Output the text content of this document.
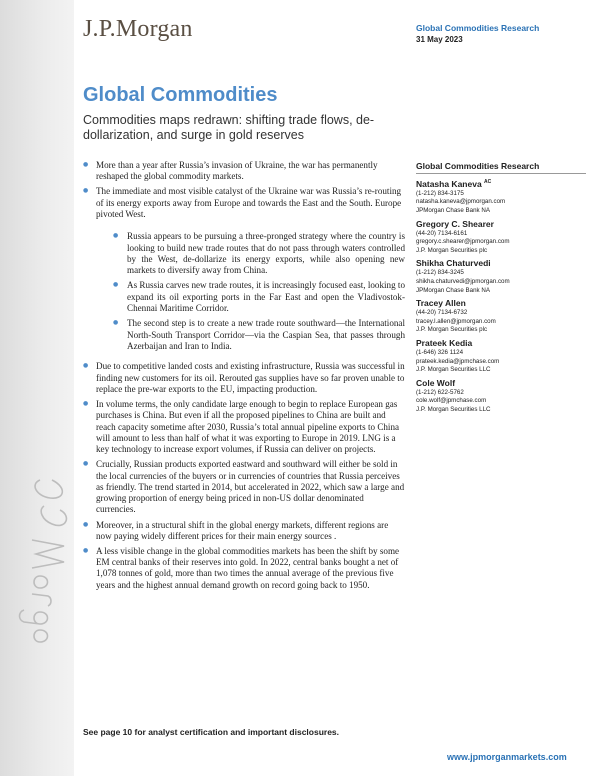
J.P.Morgan	Global Commodities Research
31 May 2023
Global Commodities
Commodities maps redrawn: shifting trade flows, de-dollarization, and surge in gold reserves
● More than a year after Russia’s invasion of Ukraine, the war has permanently reshaped the global commodity markets.
● The immediate and most visible catalyst of the Ukraine war was Russia’s re-routing of its energy exports away from Europe and towards the East and the South. Europe pivoted West.
● Russia appears to be pursuing a three-pronged strategy where the country is looking to build new trade routes that do not pass through waters controlled by the West, de-dollarize its energy exports, while also opening new markets to diversify away from China.
● As Russia carves new trade routes, it is increasingly focused east, looking to expand its oil exporting ports in the Far East and open the Vladivostok-Chennai Maritime Corridor.
● The second step is to create a new trade route southward—the International North-South Transport Corridor—via the Caspian Sea, that passes through Azerbaijan and Iran to India.
● Due to competitive landed costs and existing infrastructure, Russia was successful in finding new customers for its oil. Rerouted gas supplies have so far proven unable to replace the pre-war exports to the EU, impacting production.
● In volume terms, the only candidate large enough to begin to replace European gas purchases is China. But even if all the proposed pipelines to China are built and reach capacity sometime after 2030, Russia’s total annual pipeline exports to China will amount to less than half of what it was exporting to Europe in 2019. LNG is a key technology to increase export volumes, if Russia can deliver on projects.
● Crucially, Russian products exported eastward and southward will either be sold in the local currencies of the buyers or in currencies of countries that Russia perceives as friendly. The trend started in 2014, but accelerated in 2022, which saw a large and growing proportion of energy being priced in non-US dollar denominated currencies.
● Moreover, in a structural shift in the global energy markets, different regions are now paying widely different prices for their main energy sources .
● A less visible change in the global commodities markets has been the shift by some EM central banks of their reserves into gold. In 2022, central banks bought a net of 1,078 tonnes of gold, more than two times the annual average of the previous five years and the highest annual demand growth on record going back to 1950.
Global Commodities Research
Natasha Kaneva $^{AC}$
(1-212) 834-3175
natasha.kaneva@jpmorgan.com
JPMorgan Chase Bank NA
Gregory C. Shearer
(44-20) 7134-6161
gregory.c.shearer@jpmorgan.com
J.P. Morgan Securities plc
Shikha Chaturvedi
(1-212) 834-3245
shikha.chaturvedi@jpmorgan.com
JPMorgan Chase Bank NA
Tracey Allen
(44-20) 7134-6732
tracey.l.allen@jpmorgan.com
J.P. Morgan Securities plc
Prateek Kedia
(1-646) 326 1124
prateek.kedia@jpmchase.com
J.P. Morgan Securities LLC
Cole Wolf
(1-212) 622-5762
cole.wolf@jpmchase.com
J.P. Morgan Securities LLC
See page 10 for analyst certification and important disclosures.
www.jpmorganmarkets.com
